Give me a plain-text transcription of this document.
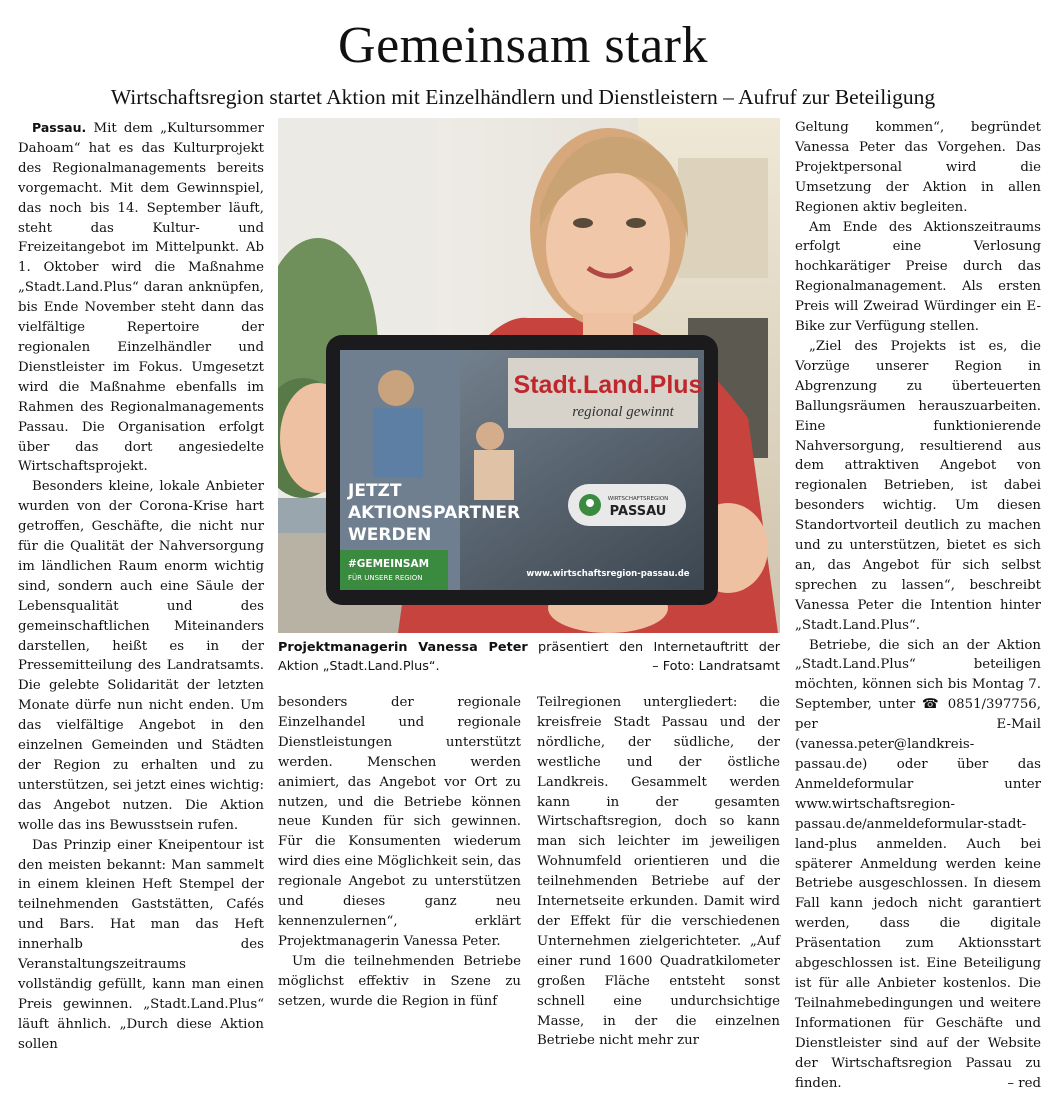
Gemeinsam stark
Wirtschaftsregion startet Aktion mit Einzelhändlern und Dienstleistern – Aufruf zur Beteiligung

Passau. Mit dem „Kultursommer Dahoam“ hat es das Kulturprojekt des Regionalmanagements bereits vorgemacht. Mit dem Gewinnspiel, das noch bis 14. September läuft, steht das Kultur- und Freizeitangebot im Mittelpunkt. Ab 1. Oktober wird die Maßnahme „Stadt.Land.Plus“ daran anknüpfen, bis Ende November steht dann das vielfältige Repertoire der regionalen Einzelhändler und Dienstleister im Fokus. Umgesetzt wird die Maßnahme ebenfalls im Rahmen des Regionalmanagements Passau. Die Organisation erfolgt über das dort angesiedelte Wirtschaftsprojekt.

Besonders kleine, lokale Anbieter wurden von der Corona-Krise hart getroffen, Geschäfte, die nicht nur für die Qualität der Nahversorgung im ländlichen Raum enorm wichtig sind, sondern auch eine Säule der Lebensqualität und des gemeinschaftlichen Miteinanders darstellen, heißt es in der Pressemitteilung des Landratsamts. Die gelebte Solidarität der letzten Monate dürfe nun nicht enden. Um das vielfältige Angebot in den einzelnen Gemeinden und Städten der Region zu erhalten und zu unterstützen, sei jetzt eines wichtig: das Angebot nutzen. Die Aktion wolle das ins Bewusstsein rufen.

Das Prinzip einer Kneipentour ist den meisten bekannt: Man sammelt in einem kleinen Heft Stempel der teilnehmenden Gaststätten, Cafés und Bars. Hat man das Heft innerhalb des Veranstaltungszeitraums vollständig gefüllt, kann man einen Preis gewinnen. „Stadt.Land.Plus“ läuft ähnlich. „Durch diese Aktion sollen

Stadt.Land.Plus
regional gewinnt
JETZT
AKTIONSPARTNER
WERDEN
#GEMEINSAM
FÜR UNSERE REGION
WIRTSCHAFTSREGION
PASSAU
www.wirtschaftsregion-passau.de
Projektmanagerin Vanessa Peter präsentiert den Internetauftritt der Aktion „Stadt.Land.Plus“.	– Foto: Landratsamt

besonders der regionale Einzelhandel und regionale Dienstleistungen unterstützt werden. Menschen werden animiert, das Angebot vor Ort zu nutzen, und die Betriebe können neue Kunden für sich gewinnen. Für die Konsumenten wiederum wird dies eine Möglichkeit sein, das regionale Angebot zu unterstützen und dieses ganz neu kennenzulernen“, erklärt Projektmanagerin Vanessa Peter.

Um die teilnehmenden Betriebe möglichst effektiv in Szene zu setzen, wurde die Region in fünf

Teilregionen untergliedert: die kreisfreie Stadt Passau und der nördliche, der südliche, der westliche und der östliche Landkreis. Gesammelt werden kann in der gesamten Wirtschaftsregion, doch so kann man sich leichter im jeweiligen Wohnumfeld orientieren und die teilnehmenden Betriebe auf der Internetseite erkunden. Damit wird der Effekt für die verschiedenen Unternehmen zielgerichteter. „Auf einer rund 1600 Quadratkilometer großen Fläche entsteht sonst schnell eine undurchsichtige Masse, in der die einzelnen Betriebe nicht mehr zur

Geltung kommen“, begründet Vanessa Peter das Vorgehen. Das Projektpersonal wird die Umsetzung der Aktion in allen Regionen aktiv begleiten.

Am Ende des Aktionszeitraums erfolgt eine Verlosung hochkarätiger Preise durch das Regionalmanagement. Als ersten Preis will Zweirad Würdinger ein E-Bike zur Verfügung stellen.

„Ziel des Projekts ist es, die Vorzüge unserer Region in Abgrenzung zu überteuerten Ballungsräumen herauszuarbeiten. Eine funktionierende Nahversorgung, resultierend aus dem attraktiven Angebot von regionalen Betrieben, ist dabei besonders wichtig. Um diesen Standortvorteil deutlich zu machen und zu unterstützen, bietet es sich an, das Angebot für sich selbst sprechen zu lassen“, beschreibt Vanessa Peter die Intention hinter „Stadt.Land.Plus“.

Betriebe, die sich an der Aktion „Stadt.Land.Plus“ beteiligen möchten, können sich bis Montag 7. September, unter ☎ 0851/397756, per E-Mail (vanessa.peter@landkreis-passau.de) oder über das Anmeldeformular unter www.wirtschaftsregion-passau.de/anmeldeformular-stadt-land-plus anmelden. Auch bei späterer Anmeldung werden keine Betriebe ausgeschlossen. In diesem Fall kann jedoch nicht garantiert werden, dass die digitale Präsentation zum Aktionsstart abgeschlossen ist. Eine Beteiligung ist für alle Anbieter kostenlos. Die Teilnahmebedingungen und weitere Informationen für Geschäfte und Dienstleister sind auf der Website der Wirtschaftsregion Passau zu finden.	– red
